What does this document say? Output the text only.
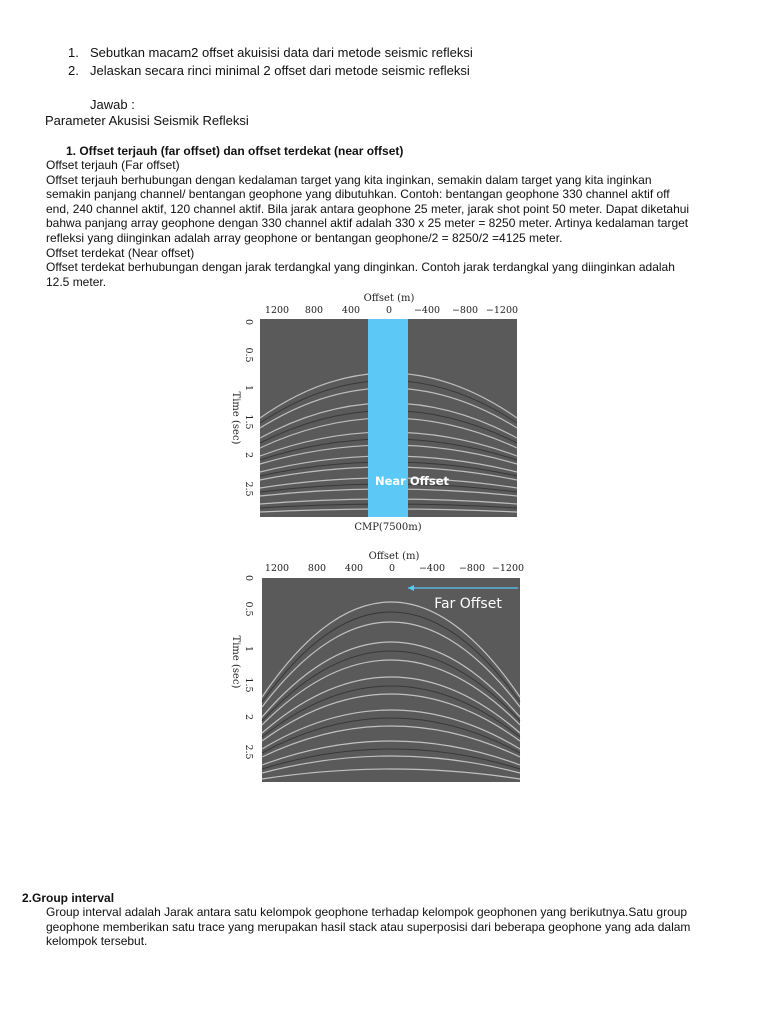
1. Sebutkan macam2 offset akuisisi data dari metode seismic refleksi
2. Jelaskan secara rinci minimal 2 offset dari metode seismic refleksi
Jawab :
Parameter Akusisi Seismik Refleksi
1. Offset terjauh (far offset) dan offset terdekat (near offset)
Offset terjauh (Far offset)
Offset terjauh berhubungan dengan kedalaman target yang kita inginkan, semakin dalam target yang kita inginkan
semakin panjang channel/ bentangan geophone yang dibutuhkan. Contoh: bentangan geophone 330 channel aktif off
end, 240 channel aktif, 120 channel aktif. Bila jarak antara geophone 25 meter, jarak shot point 50 meter. Dapat diketahui
bahwa panjang array geophone dengan 330 channel aktif adalah 330 x 25 meter = 8250 meter. Artinya kedalaman target
refleksi yang diinginkan adalah array geophone or bentangan geophone/2 = 8250/2 =4125 meter.
Offset terdekat (Near offset)
Offset terdekat berhubungan dengan jarak terdangkal yang dinginkan. Contoh jarak terdangkal yang diinginkan adalah
12.5 meter.
Offset (m)
1200 800 400	0 −400 −800 −1200
Near Offset
0
0.5
1
1.5
2
2.5
Time (sec)
CMP(7500m)
Offset (m)
1200 800 400	0	−400 −800 −1200
Far Offset
0
0.5
1
1.5
2
2.5
Time (sec)
2.Group interval
Group interval adalah Jarak antara satu kelompok geophone terhadap kelompok geophonen yang berikutnya.Satu group
geophone memberikan satu trace yang merupakan hasil stack atau superposisi dari beberapa geophone yang ada dalam
kelompok tersebut.
